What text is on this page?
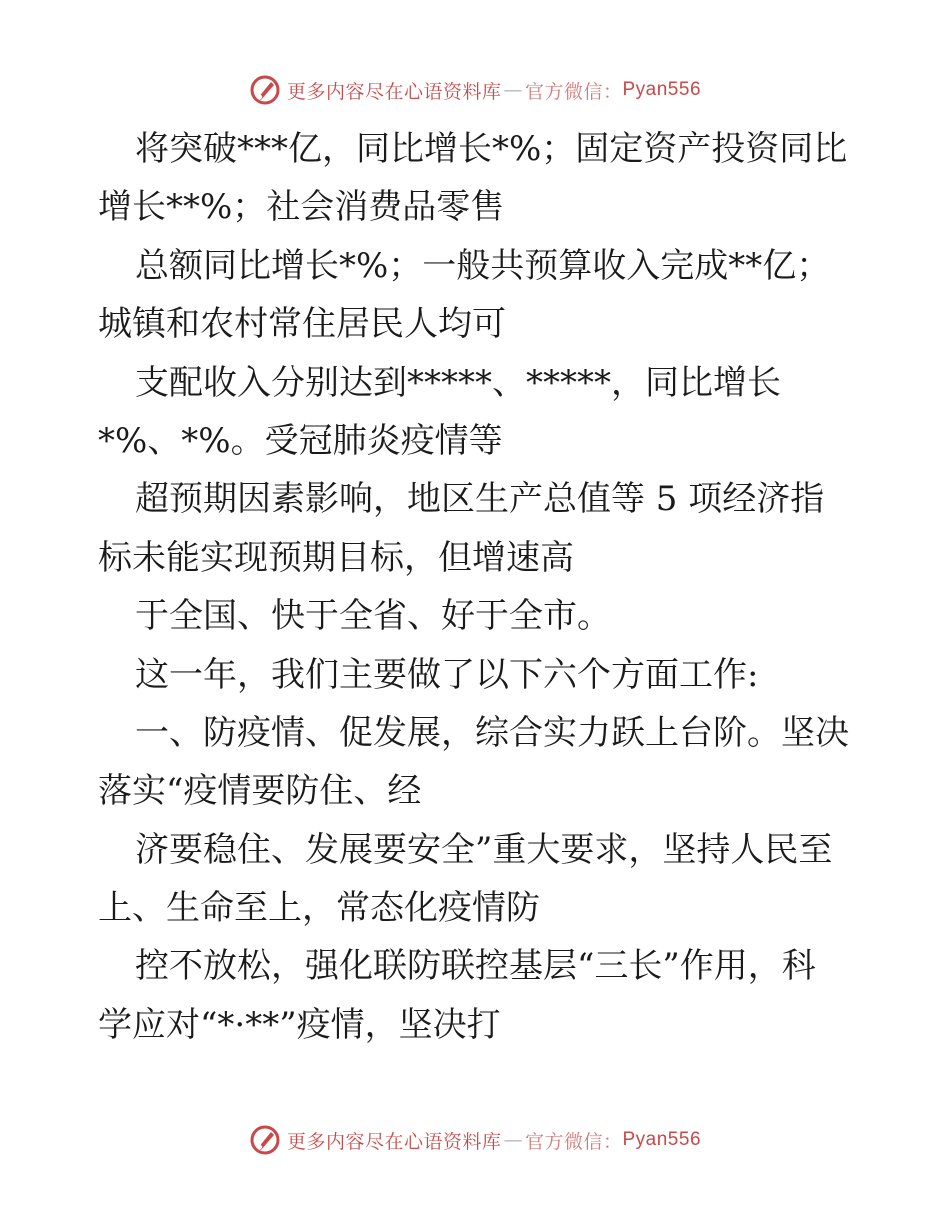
更多内容尽在心语资料库 — 官方微信： Pyan556
将突破***亿，同比增长*%；固定资产投资同比
增长**%；社会消费品零售
总额同比增长*%；一般共预算收入完成**亿；
城镇和农村常住居民人均可
支配收入分别达到*****、*****，同比增长
*%、*%。受冠肺炎疫情等
超预期因素影响，地区生产总值等 5 项经济指
标未能实现预期目标，但增速高
于全国、快于全省、好于全市。
这一年，我们主要做了以下六个方面工作:
一、防疫情、促发展，综合实力跃上台阶。坚决
落实“疫情要防住、经
济要稳住、发展要安全”重大要求，坚持人民至
上、生命至上，常态化疫情防
控不放松，强化联防联控基层“三长”作用，科
学应对“*·**”疫情，坚决打
更多内容尽在心语资料库 — 官方微信： Pyan556
